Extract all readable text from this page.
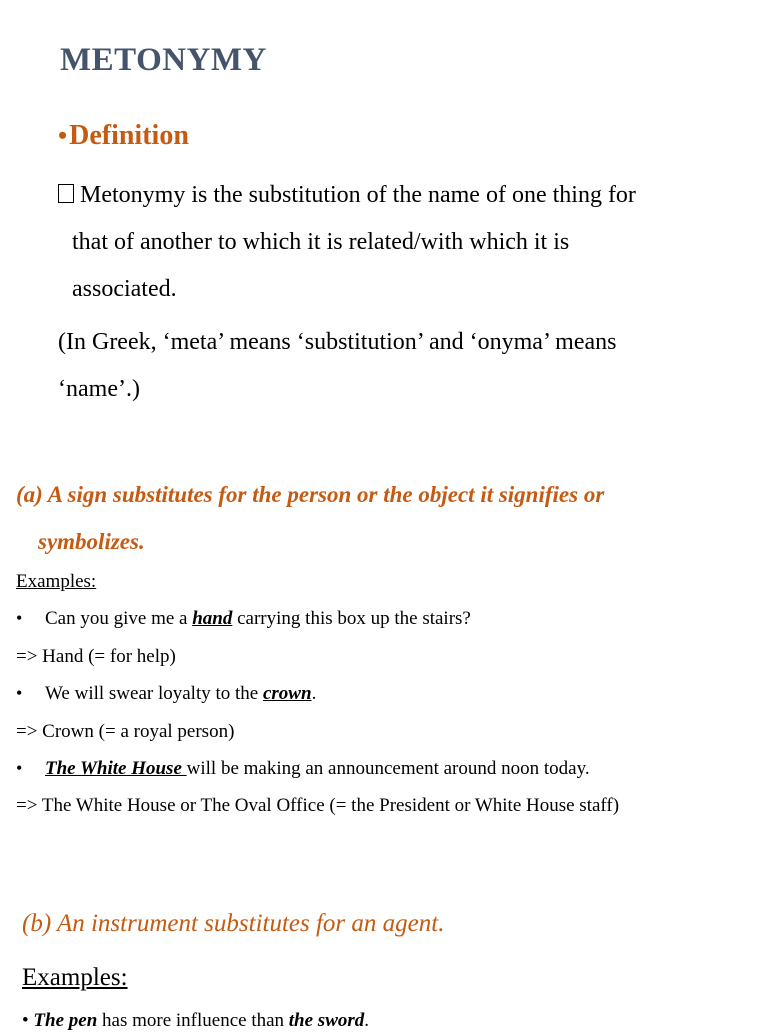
METONYMY
•Definition
Metonymy is the substitution of the name of one thing for
that of another to which it is related/with which it is
associated.
(In Greek, ‘meta’ means ‘substitution’ and ‘onyma’ means
‘name’.)
(a) A sign substitutes for the person or the object it signifies or
symbolizes.
Examples:
• Can you give me a hand carrying this box up the stairs?
=> Hand (= for help)
• We will swear loyalty to the crown.
=> Crown (= a royal person)
• The White House will be making an announcement around noon today.
=> The White House or The Oval Office (= the President or White House staff)
(b) An instrument substitutes for an agent.
Examples:
• The pen has more influence than the sword.
